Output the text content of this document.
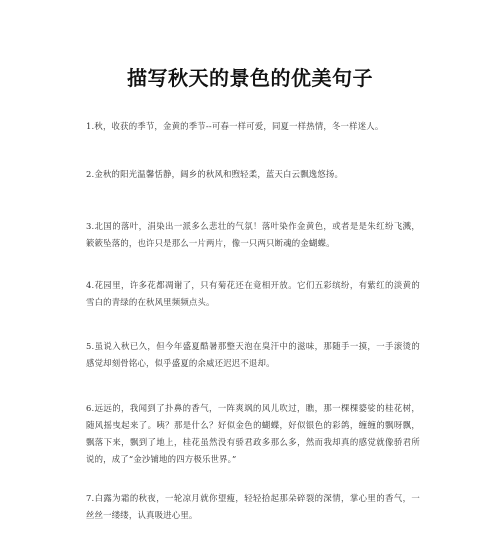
描写秋天的景色的优美句子

1.秋，收获的季节，金黄的季节--可春一样可爱，同夏一样热情，冬一样迷人。

2.金秋的阳光温馨恬静，阔乡的秋风和煦轻柔，蓝天白云飘逸悠扬。

3.北国的落叶，涓染出一派多么悲壮的气氛！落叶染作金黄色，或者是是朱红纷飞溅，簌簌坠落的，也许只是那么一片两片，像一只两只断魂的金蝴蝶。

4.花园里，许多花都凋谢了，只有菊花还在竟相开放。它们五彩缤纷，有紫红的淡黄的雪白的青绿的在秋风里频频点头。

5.虽说入秋已久，但今年盛夏酷暑那整天泡在臭汗中的滋味，那随手一摸，一手滚烫的感觉却刻骨铭心，似乎盛夏的余威还迟迟不退却。

6.远远的，我闻到了扑鼻的香气，一阵爽飒的风儿吹过，瞧，那一棵棵婆娑的桂花树，随风摇曳起来了。咦？那是什么？好似金色的蝴蝶，好似银色的彩鸽，缠缠的飘呀飘，飘落下来，飘到了地上，桂花虽然没有骄君政多那么多，然而我却真的感觉就像骄君所说的，成了“金沙铺地的四方极乐世界。”

7.白露为霜的秋夜，一轮凉月就你望瘦，轻轻拾起那朵碎裂的深情，掌心里的香气，一丝丝一缕缕，认真吸进心里。
